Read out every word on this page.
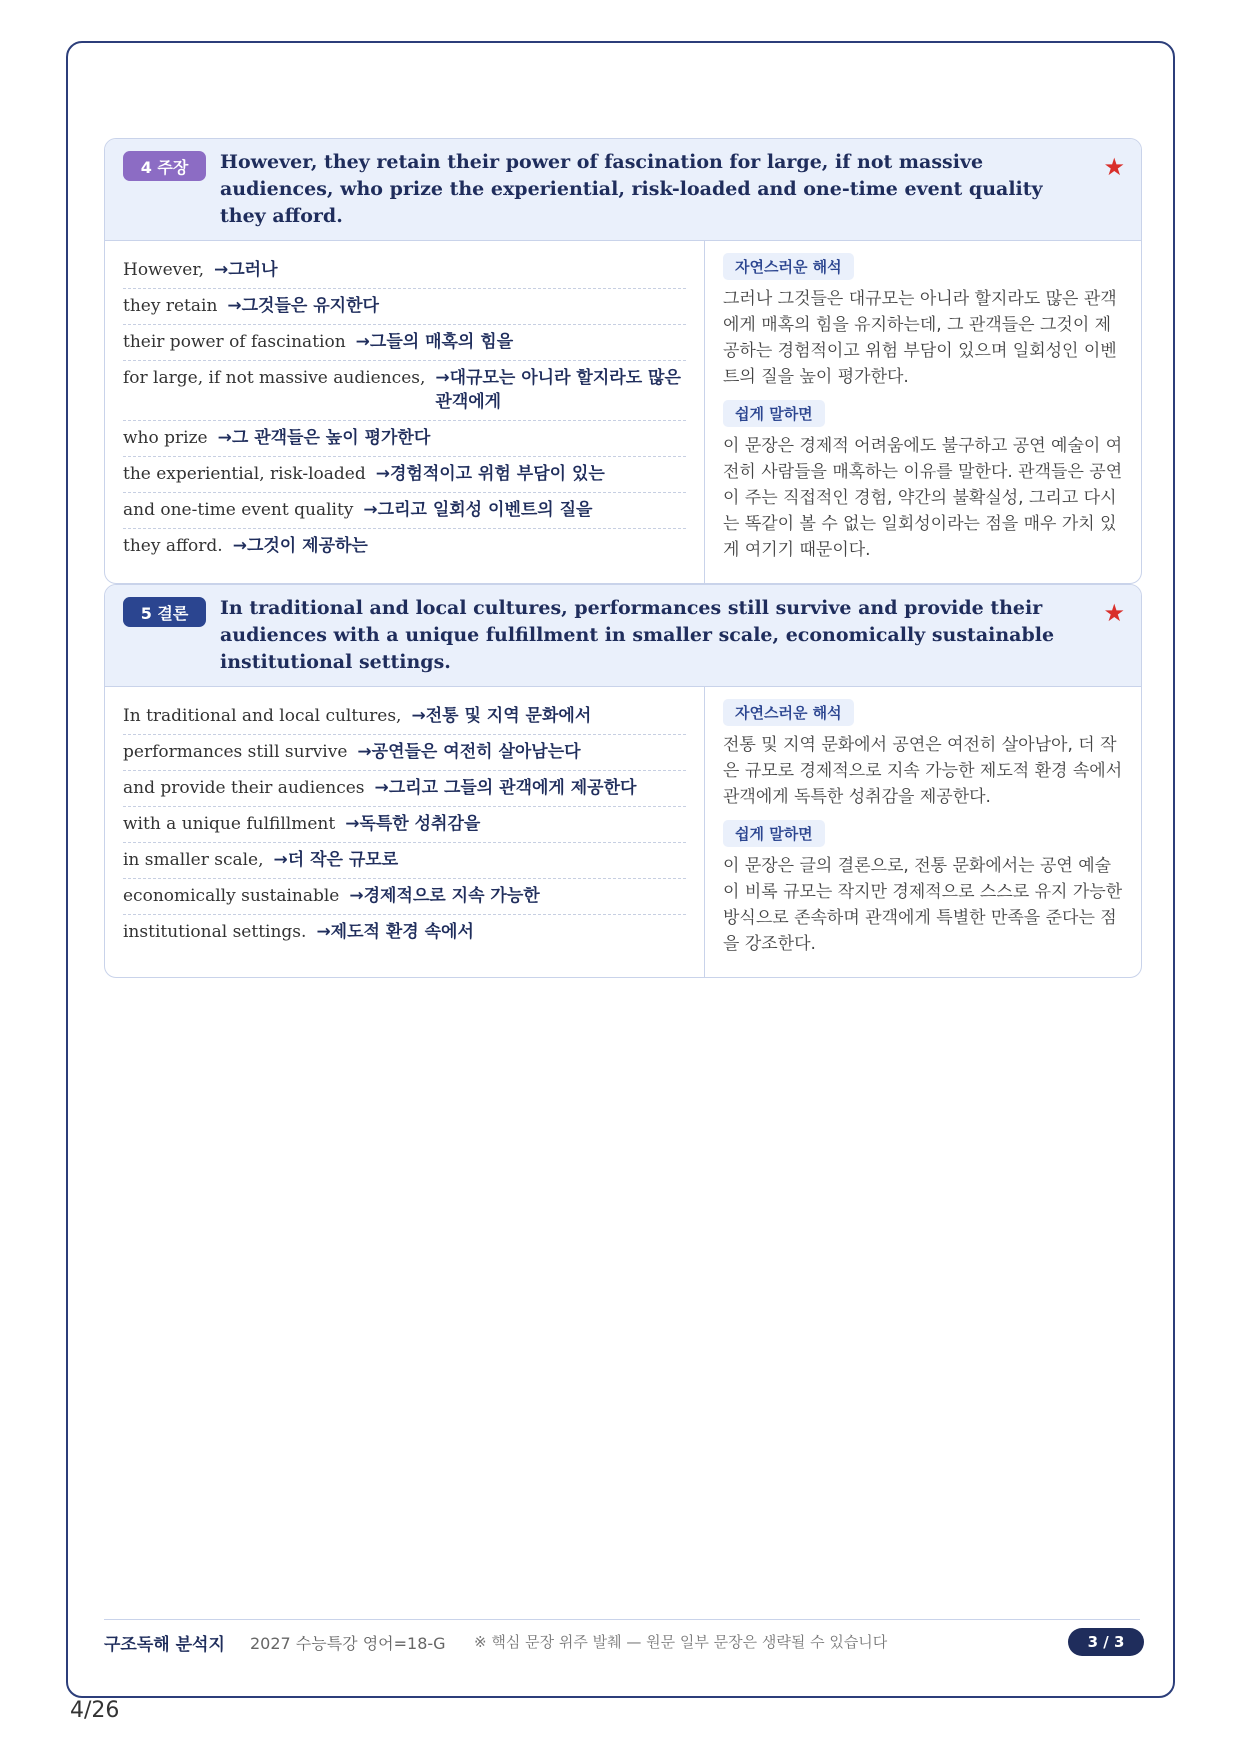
4 주장	However, they retain their power of fascination for large, if not massive audiences, who prize the experiential, risk-loaded and one-time event quality they afford.

★
However, →그러나
they retain →그것들은 유지한다
their power of fascination →그들의 매혹의 힘을
for large, if not massive audiences, →대규모는 아니라 할지라도 많은 관객에게
who prize →그 관객들은 높이 평가한다
the experiential, risk-loaded →경험적이고 위험 부담이 있는
and one-time event quality →그리고 일회성 이벤트의 질을
they afford. →그것이 제공하는
자연스러운 해석

그러나 그것들은 대규모는 아니라 할지라도 많은 관객에게 매혹의 힘을 유지하는데, 그 관객들은 그것이 제공하는 경험적이고 위험 부담이 있으며 일회성인 이벤트의 질을 높이 평가한다.

쉽게 말하면

이 문장은 경제적 어려움에도 불구하고 공연 예술이 여전히 사람들을 매혹하는 이유를 말한다. 관객들은 공연이 주는 직접적인 경험, 약간의 불확실성, 그리고 다시는 똑같이 볼 수 없는 일회성이라는 점을 매우 가치 있게 여기기 때문이다.

5 결론	In traditional and local cultures, performances still survive and provide their audiences with a unique fulfillment in smaller scale, economically sustainable institutional settings.

★
In traditional and local cultures, →전통 및 지역 문화에서
performances still survive →공연들은 여전히 살아남는다
and provide their audiences →그리고 그들의 관객에게 제공한다
with a unique fulfillment →독특한 성취감을
in smaller scale, →더 작은 규모로
economically sustainable →경제적으로 지속 가능한
institutional settings. →제도적 환경 속에서
자연스러운 해석

전통 및 지역 문화에서 공연은 여전히 살아남아, 더 작은 규모로 경제적으로 지속 가능한 제도적 환경 속에서 관객에게 독특한 성취감을 제공한다.

쉽게 말하면

이 문장은 글의 결론으로, 전통 문화에서는 공연 예술이 비록 규모는 작지만 경제적으로 스스로 유지 가능한 방식으로 존속하며 관객에게 특별한 만족을 준다는 점을 강조한다.

구조독해 분석지 2027 수능특강 영어=18-G ※ 핵심 문장 위주 발췌 — 원문 일부 문장은 생략될 수 있습니다	3 / 3
4/26
